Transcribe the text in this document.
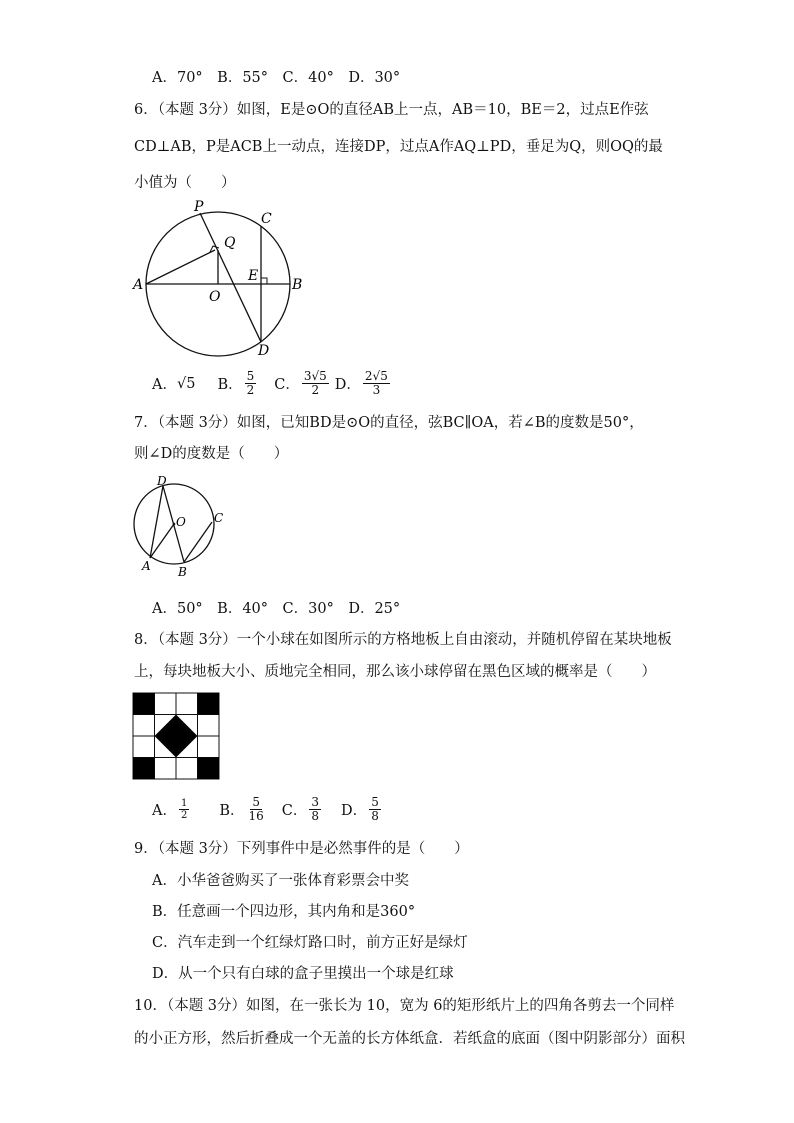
A．70°　B．55°　C．40°　D．30°
6．（本题 3分）如图，E是⊙O的直径AB上一点，AB＝10，BE＝2，过点E作弦
CD⊥AB，P是ACB上一动点，连接DP，过点A作AQ⊥PD，垂足为Q，则OQ的最
小值为（　　）
P
C
Q
A
E
B
O
D
A． √5 B． $\frac{5}{2}$ C． $\frac{3√5}{2}$ D． $\frac{2√5}{3}$
7．（本题 3分）如图，已知BD是⊙O的直径，弦BC∥OA，若∠B的度数是50°，
则∠D的度数是（　　）
D
O C
A B
A．50°　B．40°　C．30°　D．25°
8．（本题 3分）一个小球在如图所示的方格地板上自由滚动，并随机停留在某块地板
上，每块地板大小、质地完全相同，那么该小球停留在黑色区域的概率是（　　）
A． $\frac{1}{2}$ B． $\frac{5}{16}$ C． $\frac{3}{8}$ D． $\frac{5}{8}$
9．（本题 3分）下列事件中是必然事件的是（　　）
A．小华爸爸购买了一张体育彩票会中奖
B．任意画一个四边形，其内角和是360°
C．汽车走到一个红绿灯路口时，前方正好是绿灯
D．从一个只有白球的盒子里摸出一个球是红球
10．（本题 3分）如图，在一张长为 10，宽为 6的矩形纸片上的四角各剪去一个同样
的小正方形，然后折叠成一个无盖的长方体纸盒．若纸盒的底面（图中阴影部分）面积
